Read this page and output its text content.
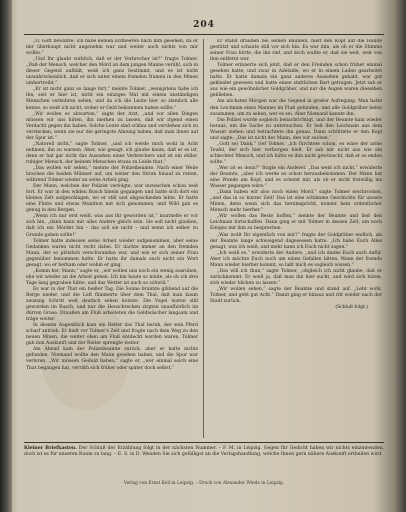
204

„O, Gott bewahre; ich habe keinen Erdbeeren nach ihm gesehen, da er mir überhaupt nicht angenehm war und weiter auch nichts von mir wollte.“

„Und Ihr glaubt wirklich, daß er der Verbrecher ist?“ fragte Tolmer. „Daß der Mensch, welcher den Mord an dem jungen Manne verübt, sich in dieser Gegend aufhält, weiß ich ganz bestimmt, und es ist nicht unwahrscheinlich, daß er sich unter einem fremden Namen in den Minen umhertreibt.“

„Er ist nicht ganz so lange fort,“ meinte Tolmer, „wenigstens habe ich ihn, seit er hier ist, nicht ein einziges Mal mit einem anständigen Menschen verkehren sehen, und da ich die Leute hier so ziemlich alle kenne, so weiß ich nicht, woher er Geld bekommen haben sollte.“

„Wir wollen es abwarten,“ sagte der Arzt, „und vor allen Dingen müssen wir uns hüten, ihn merken zu lassen, daß wir irgend einen Verdacht gegen ihn haben. Solche Leute sind schlau und verstehen sich zu verstecken, wenn sie nur die geringste Ahnung haben, daß man ihnen auf der Spur ist.“

„Natorell nicht,“ sagte Tolmer, „und ich werde mich wohl in Acht nehmen, ihn zu warnen. Aber, wie gesagt, ich glaube kaum, daß er es ist, denn er hat gar nicht das Aussehen eines Verbrechers und ist ein stiller, ruhiger Mensch, der keinem Menschen etwas zu Leide thut.“

„Das wollen wir sehen,“ meinte der Polizeibeamte. Nach einer Weile brachen die beiden Männer auf, um weiter den Strom hinauf zu reiten, während Tolmer wieder an seine Arbeit ging.

Der Mann, welchen der Polizist verfolgte, war inzwischen schon weit fort. Er war in den wilden Busch hinein gegangen und hatte sich dort ein kleines Zelt aufgeschlagen, wo er still und abgeschieden lebte. Er hatte eine Flinte und etwas Munition mit sich genommen, und Wild gab es genug in den Bergen.

„Wenn ich nur erst weiß, was aus ihr geworden ist,“ murmelte er vor sich hin, „dann kann mir alles Andere gleich sein. Sie soll nicht glauben, daß ich ein Mörder bin – das soll sie nicht – und wenn ich selber zu Grunde gehen sollte!“

Tolmer hatte indessen seine Arbeit wieder aufgenommen, aber seine Gedanken waren nicht recht dabei. Er dachte immer an den fremden Mann, der so plötzlich verschwunden war, und wie er sich seiner Frau gegenüber benommen hatte. Er hatte ihr damals auch nicht ein Wort gesagt, wo er herkam oder wohin er ging.

„Komm her, Mann,“ sagte er, „wir wollen uns noch ein wenig ausruhen, ehe wir wieder an die Arbeit gehen. Ich bin heute so müde, als ob ich drei Tage lang gegraben hätte, und das Wetter ist auch so schwül.“

Es war in der That ein heißer Tag. Die Sonne brannte glühend auf die Berge nieder, und die Luft flimmerte über dem Thal, daß man kaum zwanzig Schritt weit deutlich sehen konnte. Die Vogel waren still geworden im Busch, und nur die Heuschrecken zirpten unaufhörlich im dürren Grase. Draußen am Fluß arbeiteten die Goldwäscher langsam und träge weiter.

In diesem Augenblick kam ein Reiter das Thal herab, der sein Pferd scharf antrieb. Er hielt vor Tolmer's Zelt und fragte nach dem Weg zu den neuen Minen, die weiter oben am Fluß entdeckt worden waren. Tolmer gab ihm Auskunft und der Reiter sprengte weiter.

Am Abend kam der Polizeibeamte zurück, aber er hatte nichts gefunden. Niemand wollte den Mann gesehen haben, und die Spur war verloren. „Wir müssen Geduld haben,“ sagte er, „wer einmal solch eine That begangen hat, verräth sich früher oder später doch selbst.“

Er stand draußen bei seinen Bäumen, hielt den Kopf auf die Hände gestützt und schaute still vor sich hin. Es war ihm, als ob er die Stimme seiner Frau hörte, die ihn rief, und doch wußte er, daß sie weit, weit von ihm entfernt war.

Tolmer erinnerte sich jetzt, daß er den Fremden schon früher einmal gesehen hatte, und zwar in Adelaide, wo er in einem Laden gearbeitet hatte. Er hatte damals ein ganz anderes Aussehen gehabt, war gut gekleidet gewesen und hatte einen stattlichen Bart getragen. Jetzt sah er aus wie ein gewöhnlicher Goldgräber, und nur die Augen waren dieselben geblieben.

Am nächsten Morgen war die Gegend in großer Aufregung. Man hatte den Leichnam eines Mannes im Fluß gefunden, und alle Goldgräber liefen zusammen, um zu sehen, wer es sei. Aber Niemand kannte ihn.

Die Polizei wurde sogleich benachrichtigt, und der Beamte kam wieder heraus, um die Sache zu untersuchen. Er ließ den Leichnam aus dem Wasser ziehen und betrachtete ihn genau. Dann schüttelte er den Kopf und sagte: „Das ist nicht der Mann, den wir suchen.“

„Gott sei Dank,“ rief Tolmer, „ich fürchtete schon, es wäre der arme Teufel, der sich hier verborgen hielt. Er sah mir nicht aus wie ein schlechter Mensch, und ich hätte es ihm nicht gewünscht, daß er so enden sollte.“

„Wer ist es denn?“ fragte ein Anderer. „Das weiß ich nicht,“ erwiderte der Beamte, „aber ich werde es schon herausbekommen. Der Mann hat eine Wunde am Kopf, und es scheint mir, als ob er nicht freiwillig ins Wasser gegangen wäre.“

„Dann haben wir also noch einen Mord,“ sagte Tolmer erschrocken, „und das in so kurzer Zeit! Das ist eine schlimme Geschichte für unsere Minen, denn wenn sich das herumspricht, kommt kein ordentlicher Mensch mehr hierher.“

„Wir wollen das Beste hoffen,“ meinte der Beamte und ließ den Leichnam fortschaffen. Dann ging er mit Tolmer in dessen Zelt, um noch Einiges mit ihm zu besprechen.

„Was wollt Ihr eigentlich von mir?“ fragte der Goldgräber endlich, als der Beamte lange schweigend dagesessen hatte. „Ich habe Euch Alles gesagt, was ich weiß, und mehr kann ich Euch nicht sagen.“

„Ich weiß es,“ erwiderte der Andere, „und ich danke Euch auch dafür. Aber ich möchte Euch noch um einen Gefallen bitten. Wenn der fremde Mann wieder hierher kommt, so laßt mich es sogleich wissen.“

„Das will ich thun,“ sagte Tolmer, „obgleich ich nicht glaube, daß er zurückkommt. Er weiß ja, daß man ihn hier sucht, und wird sich hüten, sich wieder blicken zu lassen.“

„Wir wollen sehen,“ sagte der Beamte und stand auf. „Lebt wohl, Tolmer, und gebt gut Acht.“ Damit ging er hinaus und ritt wieder nach der Stadt zurück.

(Schluß folgt.)

Kleiner Briefkasten. Der Schluß der Erzählung folgt in der nächsten Nummer. – F. M. in Leipzig. Gegen Ihr Gedicht haben wir nichts einzuwenden, doch ist es für unseren Raum zu lang. – E. S. in D. Wenden Sie sich gefälligst an die Verlagshandlung, welche Ihnen gern nähere Auskunft ertheilen wird.

Verlag von Ernst Keil in Leipzig. – Druck von Alexander Wiede in Leipzig.
